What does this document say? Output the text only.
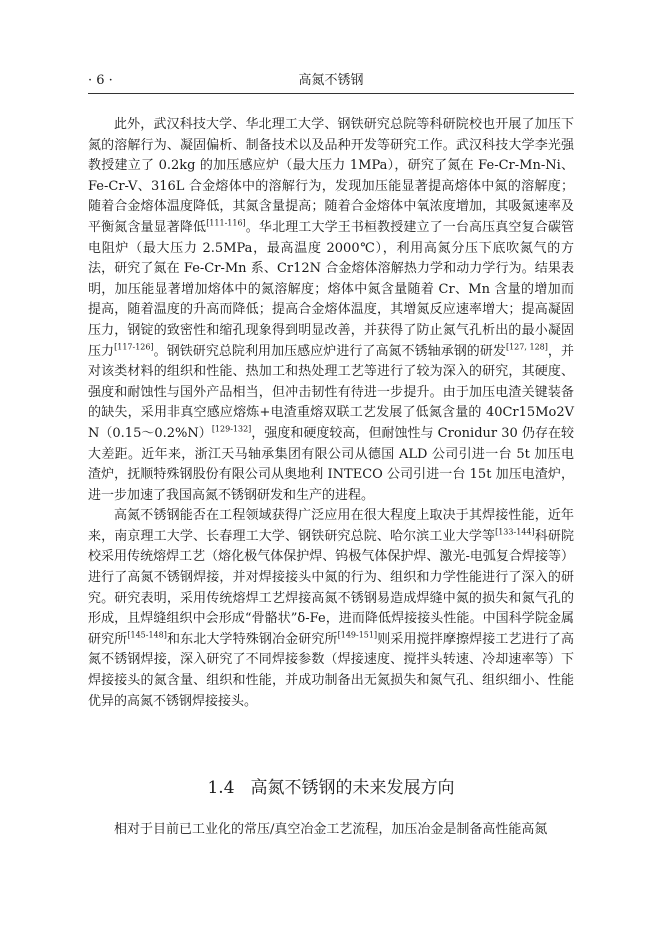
· 6 ·	高氮不锈钢

此外，武汉科技大学、华北理工大学、钢铁研究总院等科研院校也开展了加压下氮的溶解行为、凝固偏析、制备技术以及品种开发等研究工作。武汉科技大学李光强教授建立了 0.2kg 的加压感应炉（最大压力 1MPa），研究了氮在 Fe-Cr-Mn-Ni、Fe-Cr-V、316L 合金熔体中的溶解行为，发现加压能显著提高熔体中氮的溶解度；随着合金熔体温度降低，其氮含量提高；随着合金熔体中氧浓度增加，其吸氮速率及平衡氮含量显著降低[111-116]。华北理工大学王书桓教授建立了一台高压真空复合碳管电阻炉（最大压力 2.5MPa，最高温度 2000℃），利用高氮分压下底吹氮气的方法，研究了氮在 Fe-Cr-Mn 系、Cr12N 合金熔体溶解热力学和动力学行为。结果表明，加压能显著增加熔体中的氮溶解度；熔体中氮含量随着 Cr、Mn 含量的增加而提高，随着温度的升高而降低；提高合金熔体温度，其增氮反应速率增大；提高凝固压力，钢锭的致密性和缩孔现象得到明显改善，并获得了防止氮气孔析出的最小凝固压力[117-126]。钢铁研究总院利用加压感应炉进行了高氮不锈轴承钢的研发[127, 128]，并对该类材料的组织和性能、热加工和热处理工艺等进行了较为深入的研究，其硬度、强度和耐蚀性与国外产品相当，但冲击韧性有待进一步提升。由于加压电渣关键装备的缺失，采用非真空感应熔炼+电渣重熔双联工艺发展了低氮含量的 40Cr15Mo2VN（0.15～0.2%N）[129-132]，强度和硬度较高，但耐蚀性与 Cronidur 30 仍存在较大差距。近年来，浙江天马轴承集团有限公司从德国 ALD 公司引进一台 5t 加压电渣炉，抚顺特殊钢股份有限公司从奥地利 INTECO 公司引进一台 15t 加压电渣炉，进一步加速了我国高氮不锈钢研发和生产的进程。

高氮不锈钢能否在工程领域获得广泛应用在很大程度上取决于其焊接性能，近年来，南京理工大学、长春理工大学、钢铁研究总院、哈尔滨工业大学等[133-144]科研院校采用传统熔焊工艺（熔化极气体保护焊、钨极气体保护焊、激光-电弧复合焊接等）进行了高氮不锈钢焊接，并对焊接接头中氮的行为、组织和力学性能进行了深入的研究。研究表明，采用传统熔焊工艺焊接高氮不锈钢易造成焊缝中氮的损失和氮气孔的形成，且焊缝组织中会形成“骨骼状”δ-Fe，进而降低焊接接头性能。中国科学院金属研究所[145-148]和东北大学特殊钢冶金研究所[149-151]则采用搅拌摩擦焊接工艺进行了高氮不锈钢焊接，深入研究了不同焊接参数（焊接速度、搅拌头转速、冷却速率等）下焊接接头的氮含量、组织和性能，并成功制备出无氮损失和氮气孔、组织细小、性能优异的高氮不锈钢焊接接头。

1.4 高氮不锈钢的未来发展方向

相对于目前已工业化的常压/真空冶金工艺流程，加压冶金是制备高性能高氮
